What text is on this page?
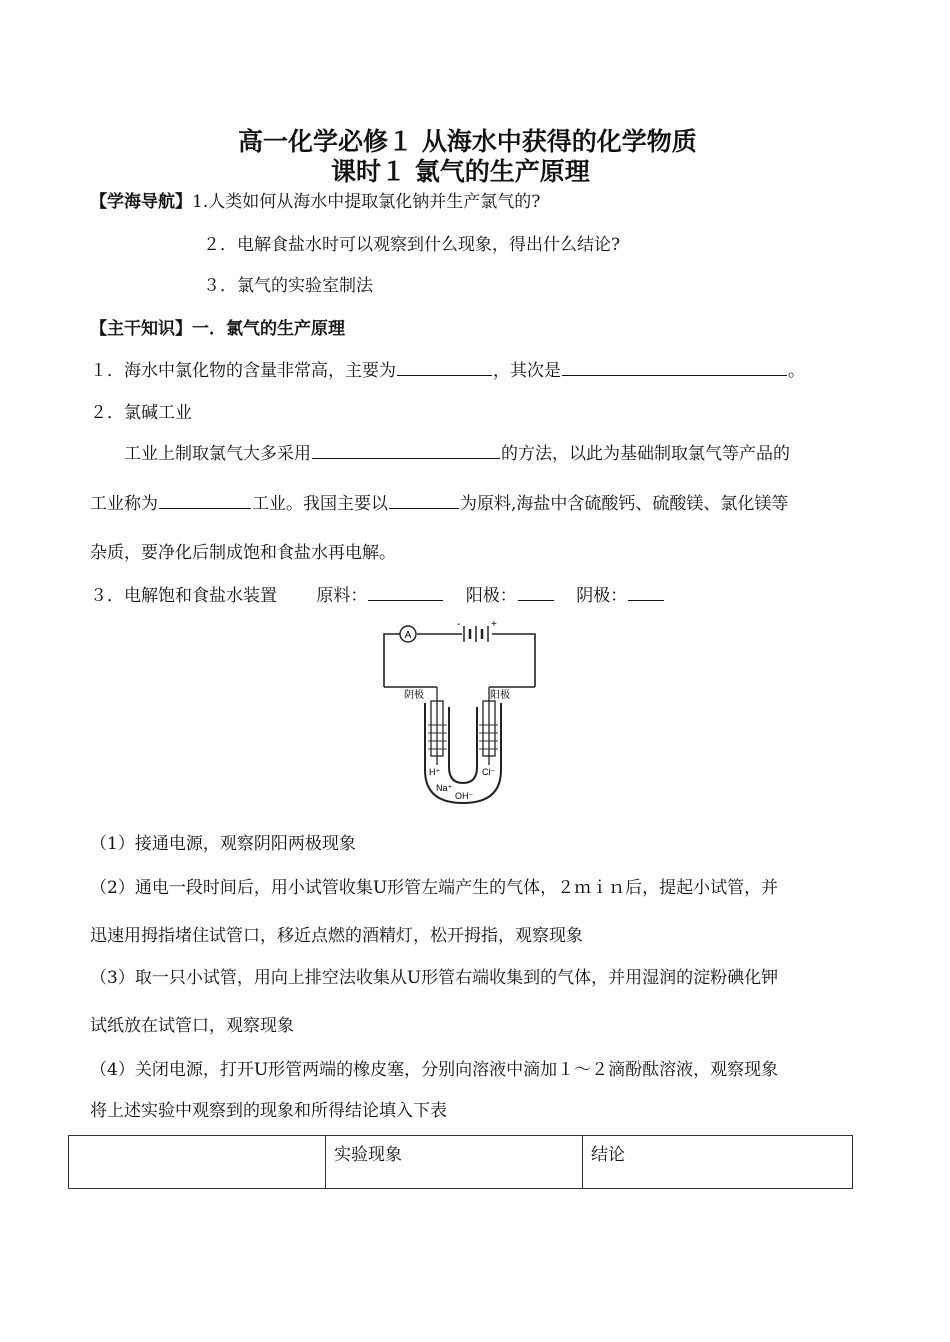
高一化学必修１ 从海水中获得的化学物质
课时１ 氯气的生产原理
【学海导航】1.人类如何从海水中提取氯化钠并生产氯气的?
２．电解食盐水时可以观察到什么现象，得出什么结论?
３．氯气的实验室制法
【主干知识】一．氯气的生产原理
１．海水中氯化物的含量非常高，主要为	，其次是	。
２．氯碱工业
工业上制取氯气大多采用	的方法，以此为基础制取氯气等产品的
工业称为	工业。我国主要以	为原料,海盐中含硫酸钙、硫酸镁、氯化镁等
杂质，要净化后制成饱和食盐水再电解。
３．电解饱和食盐水装置 原料：	阳极：	阴极：
A
-	+
阴极	阳极
H⁺
Na⁺
OH⁻
Cl⁻
（1）接通电源，观察阴阳两极现象
（2）通电一段时间后，用小试管收集U形管左端产生的气体，２ｍｉｎ后，提起小试管，并
迅速用拇指堵住试管口，移近点燃的酒精灯，松开拇指，观察现象
（3）取一只小试管，用向上排空法收集从U形管右端收集到的气体，并用湿润的淀粉碘化钾
试纸放在试管口，观察现象
（4）关闭电源，打开U形管两端的橡皮塞，分别向溶液中滴加１～２滴酚酞溶液，观察现象
将上述实验中观察到的现象和所得结论填入下表
	实验现象	结论
